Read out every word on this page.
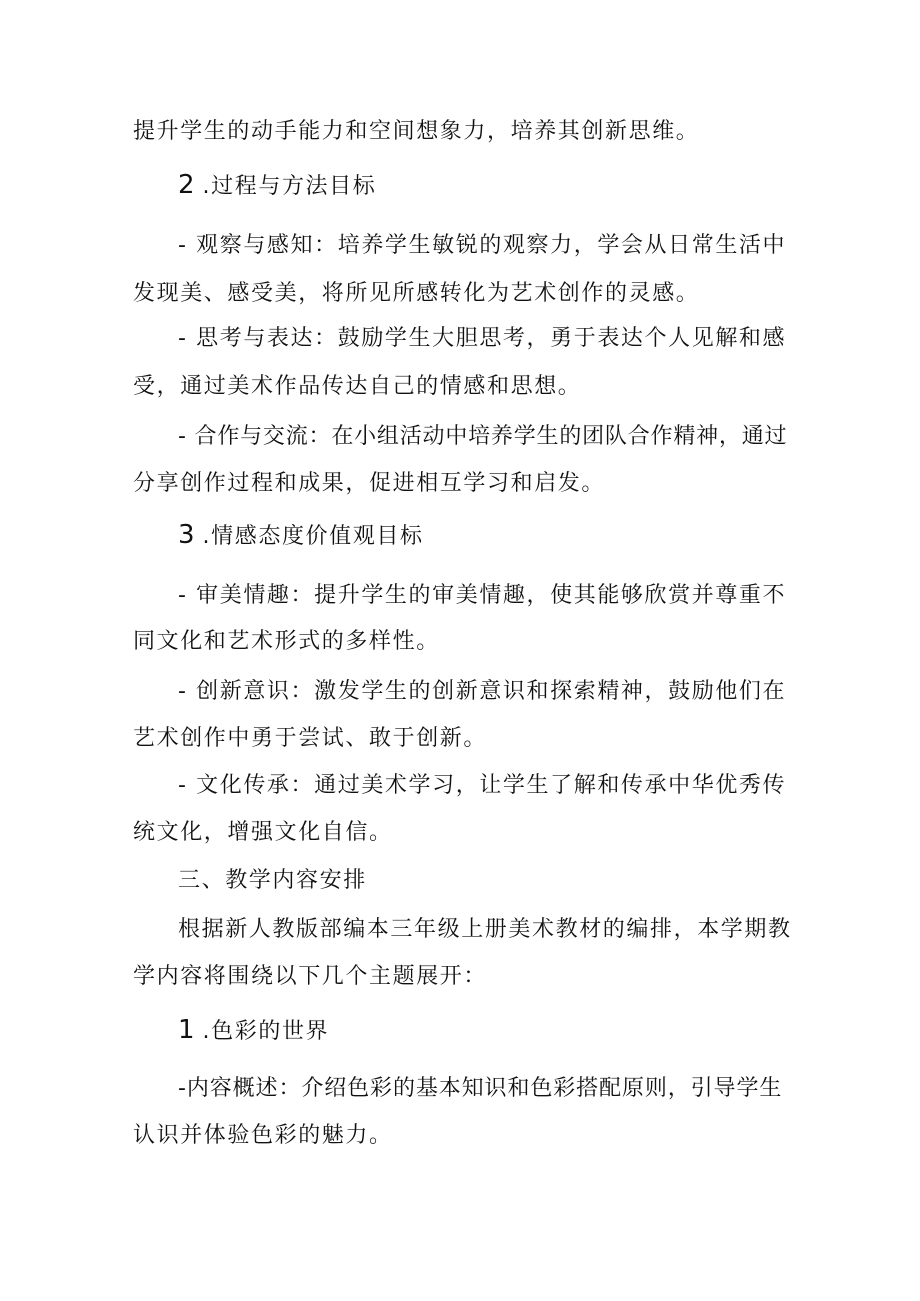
提升学生的动手能力和空间想象力，培养其创新思维。
2 .过程与方法目标
- 观察与感知：培养学生敏锐的观察力，学会从日常生活中
发现美、感受美，将所见所感转化为艺术创作的灵感。
- 思考与表达：鼓励学生大胆思考，勇于表达个人见解和感
受，通过美术作品传达自己的情感和思想。
- 合作与交流：在小组活动中培养学生的团队合作精神，通过
分享创作过程和成果，促进相互学习和启发。
3 .情感态度价值观目标
- 审美情趣：提升学生的审美情趣，使其能够欣赏并尊重不
同文化和艺术形式的多样性。
- 创新意识：激发学生的创新意识和探索精神，鼓励他们在
艺术创作中勇于尝试、敢于创新。
- 文化传承：通过美术学习，让学生了解和传承中华优秀传
统文化，增强文化自信。
三、教学内容安排
根据新人教版部编本三年级上册美术教材的编排，本学期教
学内容将围绕以下几个主题展开：
1 .色彩的世界
-内容概述：介绍色彩的基本知识和色彩搭配原则，引导学生
认识并体验色彩的魅力。
